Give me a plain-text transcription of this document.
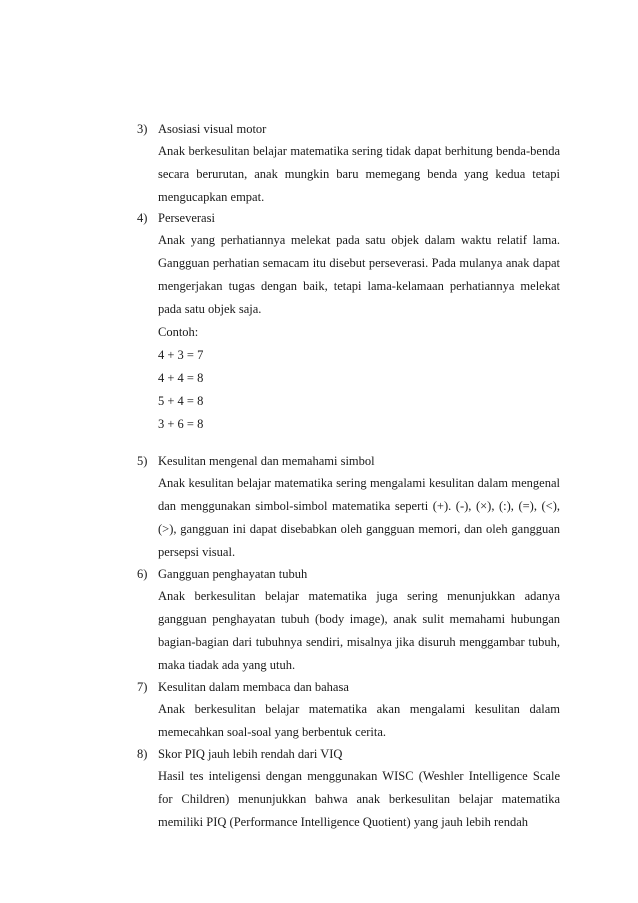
3) Asosiasi visual motor
Anak berkesulitan belajar matematika sering tidak dapat berhitung benda-benda secara berurutan, anak mungkin baru memegang benda yang kedua tetapi mengucapkan empat.
4) Perseverasi
Anak yang perhatiannya melekat pada satu objek dalam waktu relatif lama. Gangguan perhatian semacam itu disebut perseverasi. Pada mulanya anak dapat mengerjakan tugas dengan baik, tetapi lama-kelamaan perhatiannya melekat pada satu objek saja.
Contoh:
4 + 3 = 7
4 + 4 = 8
5 + 4 = 8
3 + 6 = 8
5) Kesulitan mengenal dan memahami simbol
Anak kesulitan belajar matematika sering mengalami kesulitan dalam mengenal dan menggunakan simbol-simbol matematika seperti (+). (-), (×), (:), (=), (<), (>), gangguan ini dapat disebabkan oleh gangguan memori, dan oleh gangguan persepsi visual.
6) Gangguan penghayatan tubuh
Anak berkesulitan belajar matematika juga sering menunjukkan adanya gangguan penghayatan tubuh (body image), anak sulit memahami hubungan bagian-bagian dari tubuhnya sendiri, misalnya jika disuruh menggambar tubuh, maka tiadak ada yang utuh.
7) Kesulitan dalam membaca dan bahasa
Anak berkesulitan belajar matematika akan mengalami kesulitan dalam memecahkan soal-soal yang berbentuk cerita.
8) Skor PIQ jauh lebih rendah dari VIQ
Hasil tes inteligensi dengan menggunakan WISC (Weshler Intelligence Scale for Children) menunjukkan bahwa anak berkesulitan belajar matematika memiliki PIQ (Performance Intelligence Quotient) yang jauh lebih rendah
